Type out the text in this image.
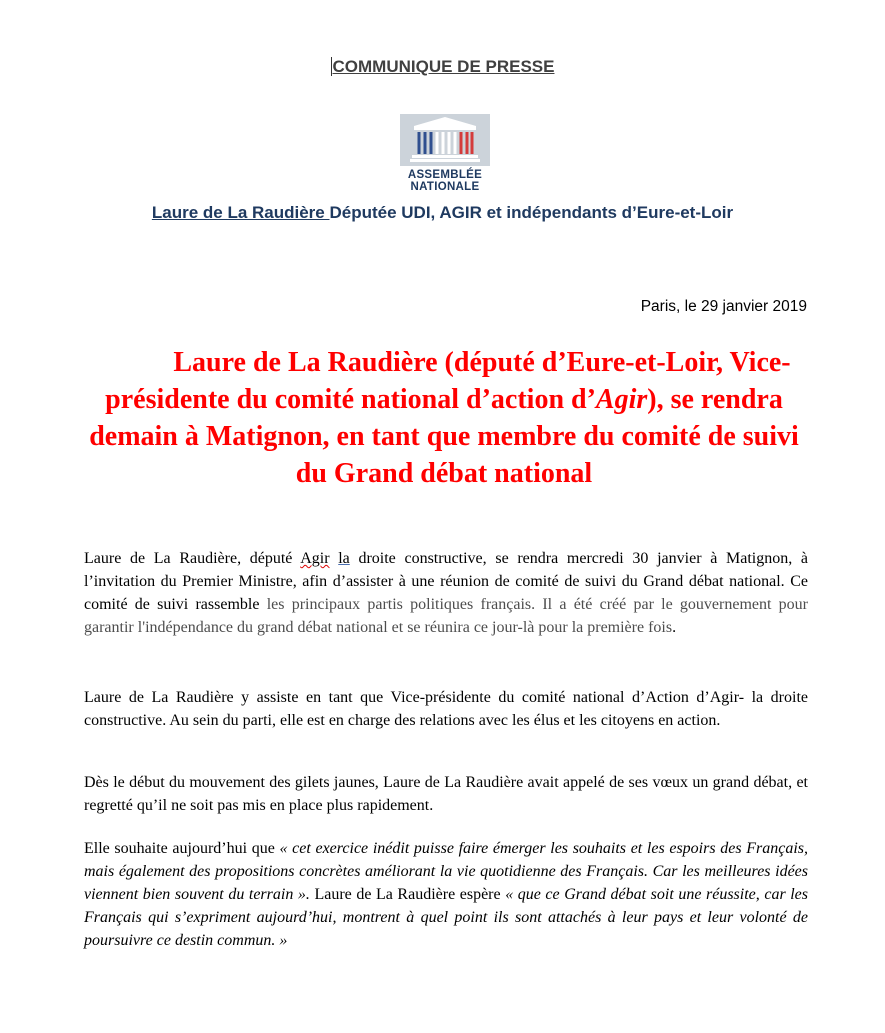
COMMUNIQUE DE PRESSE
ASSEMBLÉE
NATIONALE
Laure de La Raudière Députée UDI, AGIR et indépendants d’Eure-et-Loir
Paris, le 29 janvier 2019
Laure de La Raudière (député d’Eure-et-Loir, Vice-présidente du comité national d’action d’Agir), se rendra demain à Matignon, en tant que membre du comité de suivi du Grand débat national
Laure de La Raudière, député Agir la droite constructive, se rendra mercredi 30 janvier à Matignon, à l’invitation du Premier Ministre, afin d’assister à une réunion de comité de suivi du Grand débat national. Ce comité de suivi rassemble les principaux partis politiques français. Il a été créé par le gouvernement pour garantir l'indépendance du grand débat national et se réunira ce jour-là pour la première fois.
Laure de La Raudière y assiste en tant que Vice-présidente du comité national d’Action d’Agir- la droite constructive. Au sein du parti, elle est en charge des relations avec les élus et les citoyens en action.
Dès le début du mouvement des gilets jaunes, Laure de La Raudière avait appelé de ses vœux un grand débat, et regretté qu’il ne soit pas mis en place plus rapidement.
Elle souhaite aujourd’hui que « cet exercice inédit puisse faire émerger les souhaits et les espoirs des Français, mais également des propositions concrètes améliorant la vie quotidienne des Français. Car les meilleures idées viennent bien souvent du terrain ». Laure de La Raudière espère « que ce Grand débat soit une réussite, car les Français qui s’expriment aujourd’hui, montrent à quel point ils sont attachés à leur pays et leur volonté de poursuivre ce destin commun. »
